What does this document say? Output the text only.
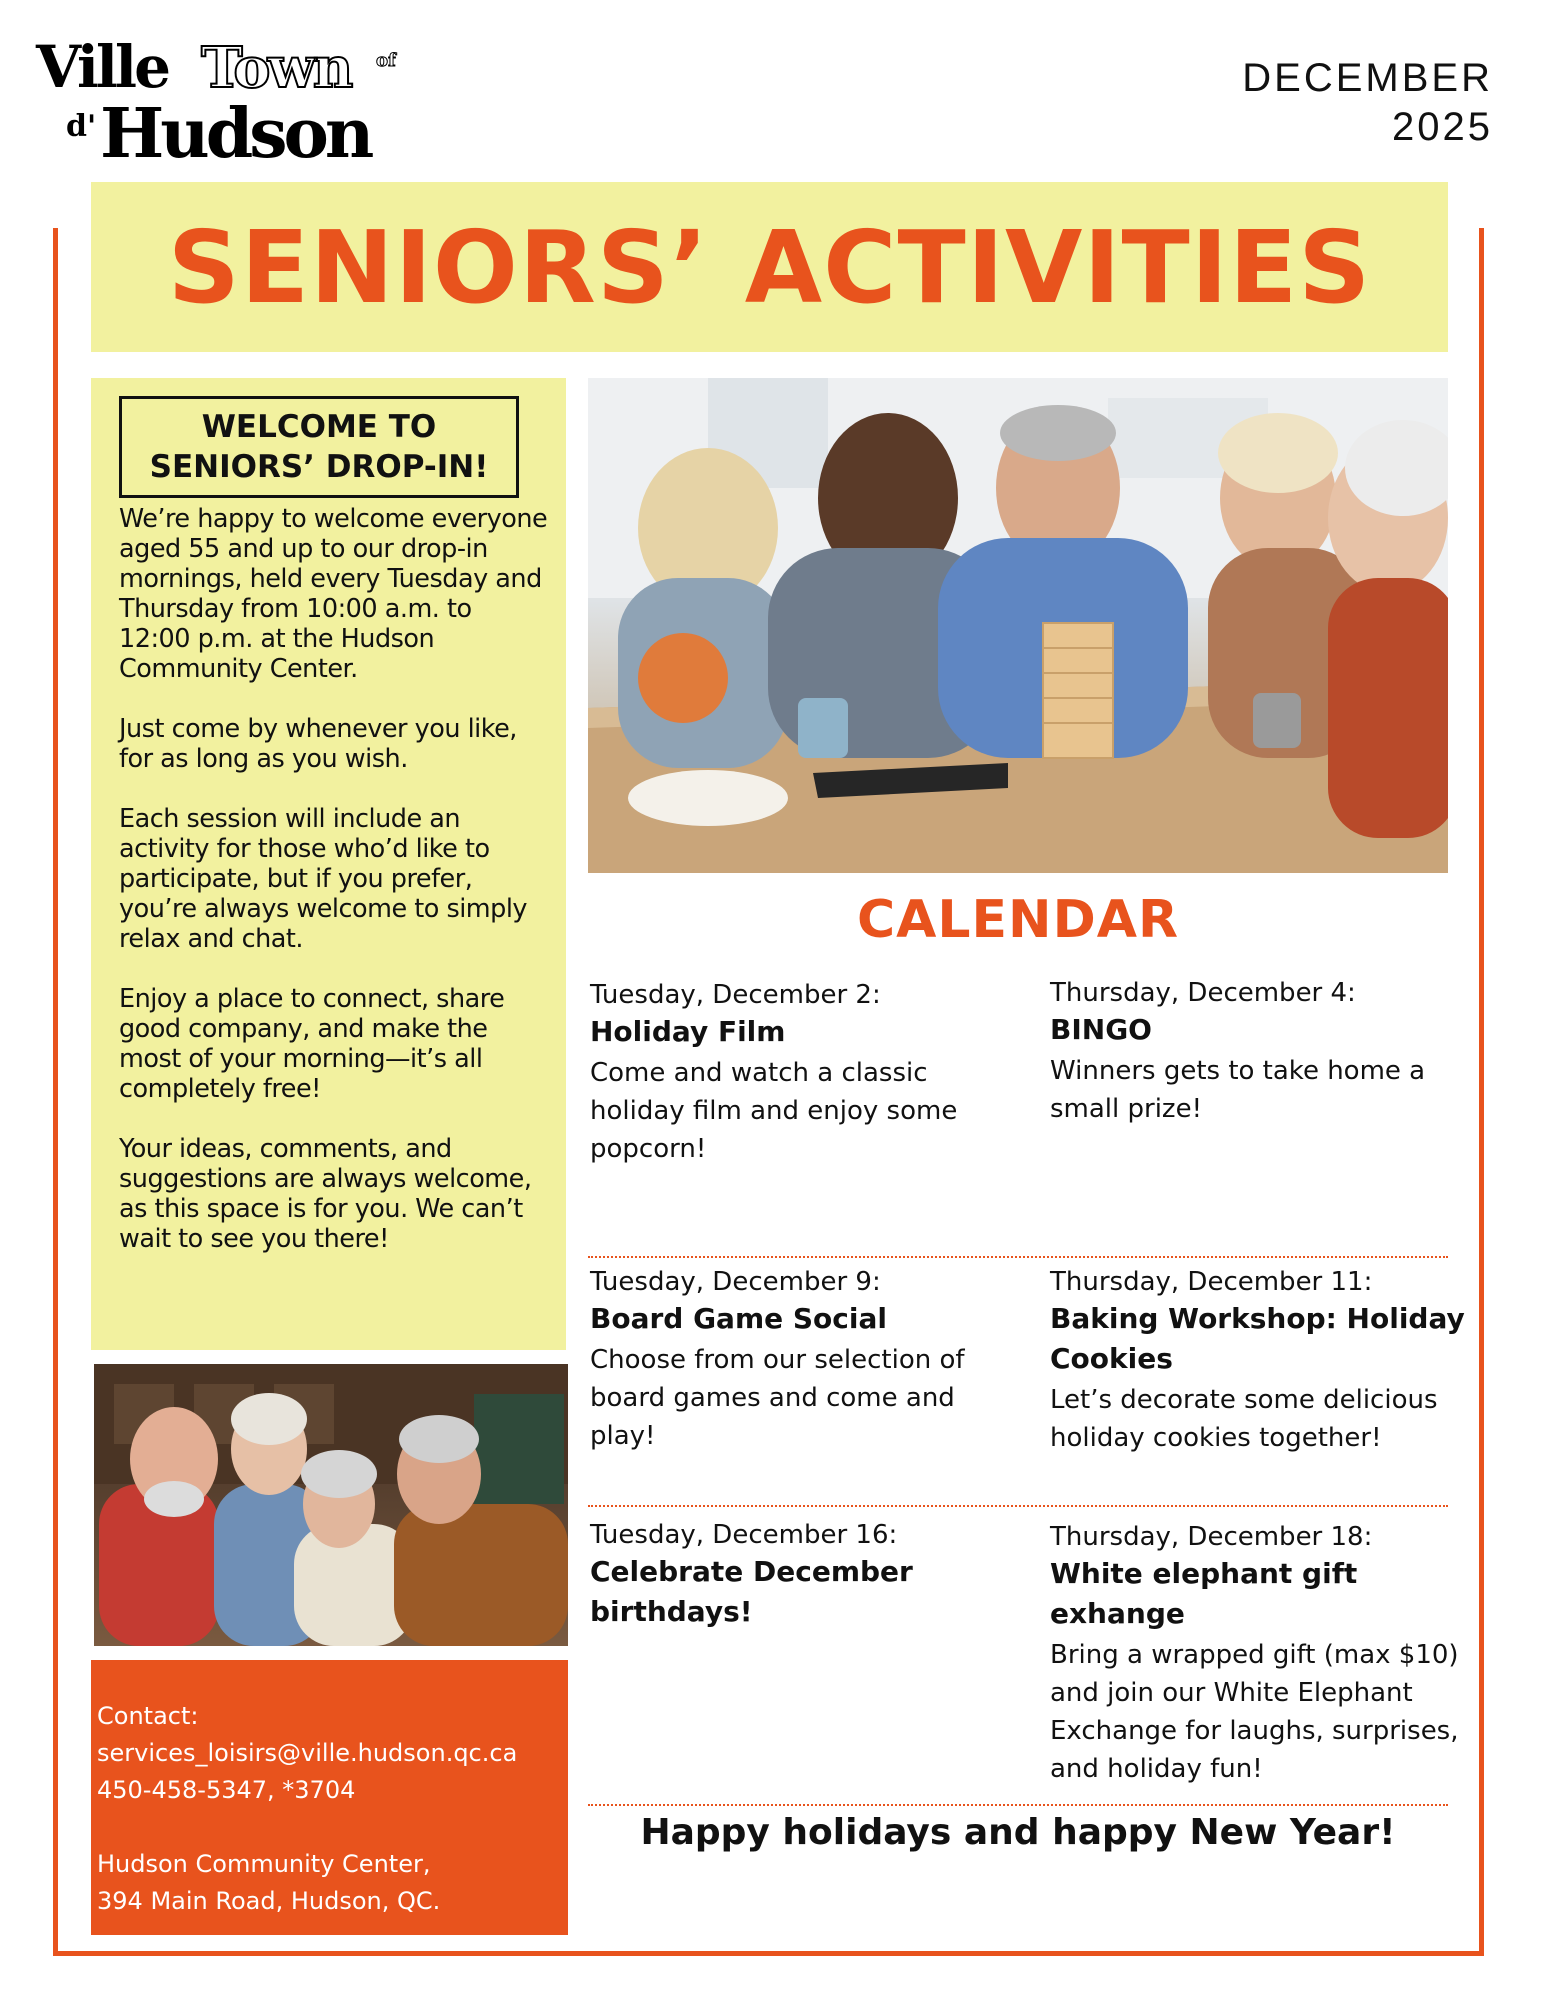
Ville Town of
d' Hudson
DECEMBER
2025
SENIORS’ ACTIVITIES
WELCOME TO
SENIORS’ DROP-IN!

We’re happy to welcome everyone aged 55 and up to our drop-in mornings, held every Tuesday and Thursday from 10:00 a.m. to 12:00 p.m. at the Hudson Community Center.

Just come by whenever you like, for as long as you wish.

Each session will include an activity for those who’d like to participate, but if you prefer, you’re always welcome to simply relax and chat.

Enjoy a place to connect, share good company, and make the most of your morning—it’s all completely free!

Your ideas, comments, and suggestions are always welcome, as this space is for you. We can’t wait to see you there!

Contact:
services_loisirs@ville.hudson.qc.ca
450-458-5347, *3704
Hudson Community Center,
394 Main Road, Hudson, QC.
CALENDAR
Tuesday, December 2:
Holiday Film
Come and watch a classic holiday film and enjoy some popcorn!
Thursday, December 4:
BINGO
Winners gets to take home a small prize!
Tuesday, December 9:
Board Game Social
Choose from our selection of board games and come and play!
Thursday, December 11:
Baking Workshop: Holiday Cookies
Let’s decorate some delicious holiday cookies together!
Tuesday, December 16:
Celebrate December birthdays!
Thursday, December 18:
White elephant gift exhange
Bring a wrapped gift (max $10) and join our White Elephant Exchange for laughs, surprises, and holiday fun!
Happy holidays and happy New Year!
